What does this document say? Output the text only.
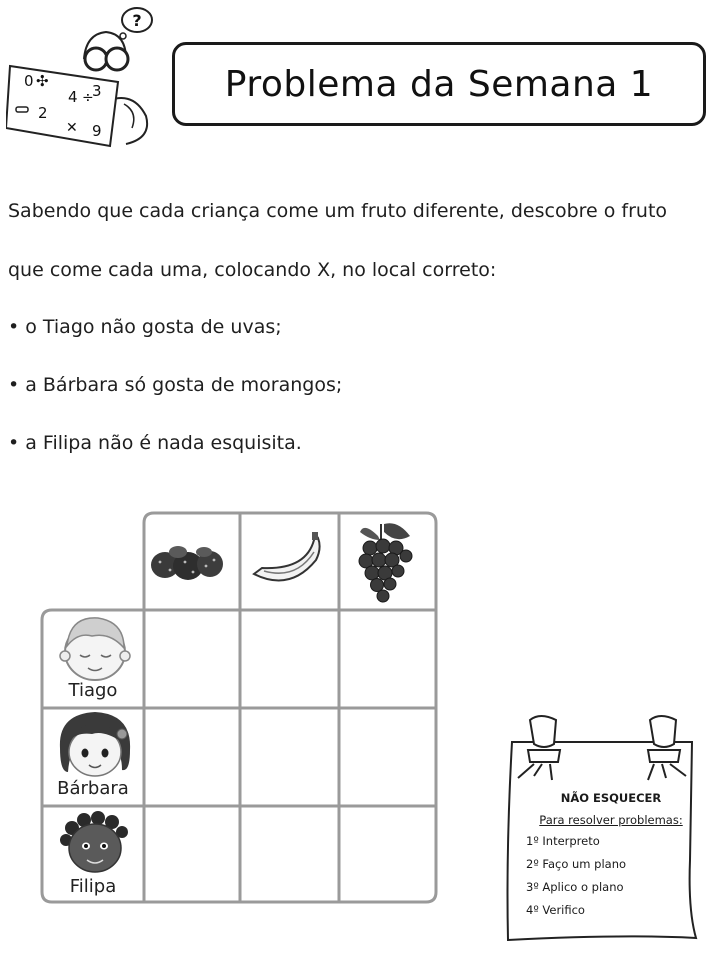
?
0 ✣
4 ÷
3
2
✕ 9
Problema da Semana 1
Sabendo que cada criança come um fruto diferente, descobre o fruto
que come cada uma, colocando X, no local correto:
• o Tiago não gosta de uvas;
• a Bárbara só gosta de morangos;
• a Filipa não é nada esquisita.
Tiago
Bárbara
Filipa
NÃO ESQUECER
Para resolver problemas:
1º Interpreto
2º Faço um plano
3º Aplico o plano
4º Verifico
